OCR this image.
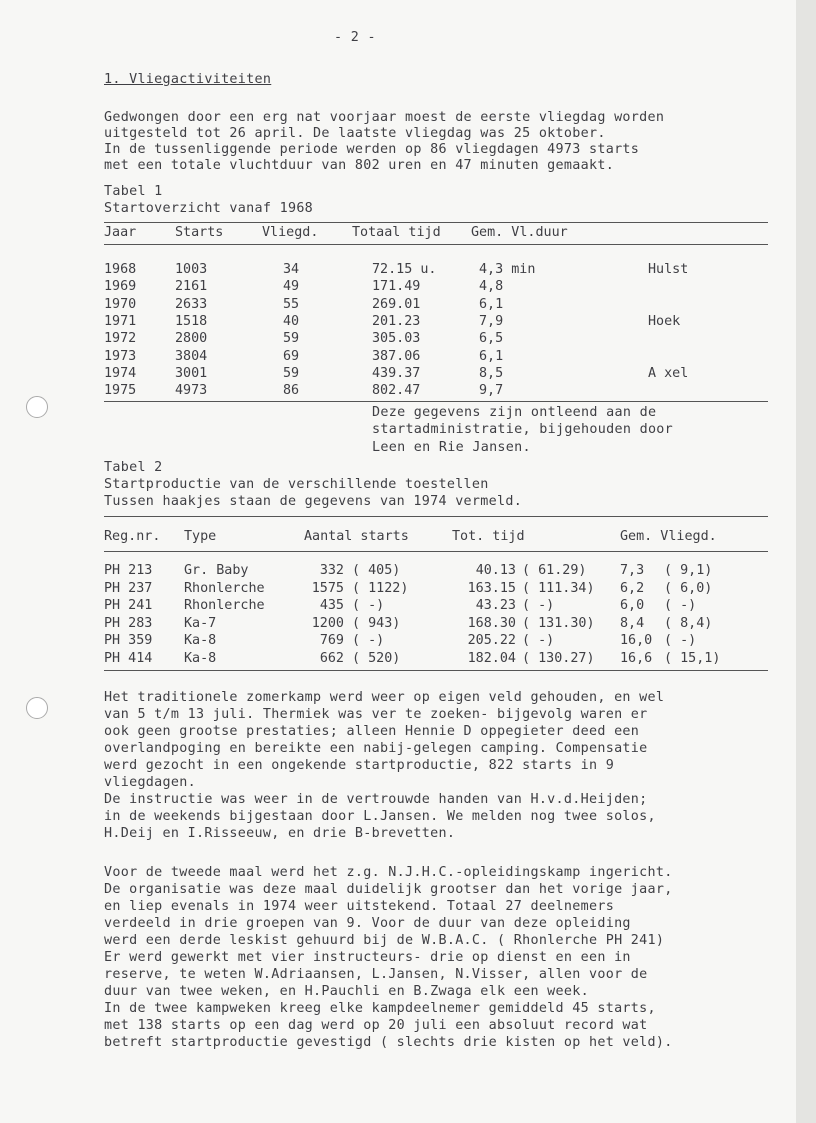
- 2 -
1. Vliegactiviteiten
Gedwongen door een erg nat voorjaar moest de eerste vliegdag worden
uitgesteld tot 26 april. De laatste vliegdag was 25 oktober.
In de tussenliggende periode werden op 86 vliegdagen 4973 starts
met een totale vluchtduur van 802 uren en 47 minuten gemaakt.
Tabel 1
Startoverzicht vanaf 1968
Jaar	Starts	Vliegd.	Totaal tijd Gem. Vl.duur
1968	1003	34	72.15 u.	4,3 min	Hulst
1969	2161	49	171.49	4,8
1970	2633	55	269.01	6,1
1971	1518	40	201.23	7,9	Hoek
1972	2800	59	305.03	6,5
1973	3804	69	387.06	6,1
1974	3001	59	439.37	8,5	A xel
1975	4973	86	802.47	9,7
Deze gegevens zijn ontleend aan de
startadministratie, bijgehouden door
Leen en Rie Jansen.
Tabel 2
Startproductie van de verschillende toestellen
Tussen haakjes staan de gegevens van 1974 vermeld.
Reg.nr. Type	Aantal starts	Tot. tijd	Gem. Vliegd.
PH 213 Gr. Baby	332 ( 405)	40.13 ( 61.29)	7,3 ( 9,1)
PH 237 Rhonlerche	1575 ( 1122)	163.15 ( 111.34) 6,2 ( 6,0)
PH 241 Rhonlerche	435 ( -)	43.23 ( -)	6,0 ( -)
PH 283 Ka-7	1200 ( 943)	168.30 ( 131.30) 8,4 ( 8,4)
PH 359 Ka-8	769 ( -)	205.22 ( -)	16,0 ( -)
PH 414 Ka-8	662 ( 520)	182.04 ( 130.27) 16,6 ( 15,1)
Het traditionele zomerkamp werd weer op eigen veld gehouden, en wel
van 5 t/m 13 juli. Thermiek was ver te zoeken- bijgevolg waren er
ook geen grootse prestaties; alleen Hennie D oppegieter deed een
overlandpoging en bereikte een nabij-gelegen camping. Compensatie
werd gezocht in een ongekende startproductie, 822 starts in 9
vliegdagen.
De instructie was weer in de vertrouwde handen van H.v.d.Heijden;
in de weekends bijgestaan door L.Jansen. We melden nog twee solos,
H.Deij en I.Risseeuw, en drie B-brevetten.
Voor de tweede maal werd het z.g. N.J.H.C.-opleidingskamp ingericht.
De organisatie was deze maal duidelijk grootser dan het vorige jaar,
en liep evenals in 1974 weer uitstekend. Totaal 27 deelnemers
verdeeld in drie groepen van 9. Voor de duur van deze opleiding
werd een derde leskist gehuurd bij de W.B.A.C. ( Rhonlerche PH 241)
Er werd gewerkt met vier instructeurs- drie op dienst en een in
reserve, te weten W.Adriaansen, L.Jansen, N.Visser, allen voor de
duur van twee weken, en H.Pauchli en B.Zwaga elk een week.
In de twee kampweken kreeg elke kampdeelnemer gemiddeld 45 starts,
met 138 starts op een dag werd op 20 juli een absoluut record wat
betreft startproductie gevestigd ( slechts drie kisten op het veld).
